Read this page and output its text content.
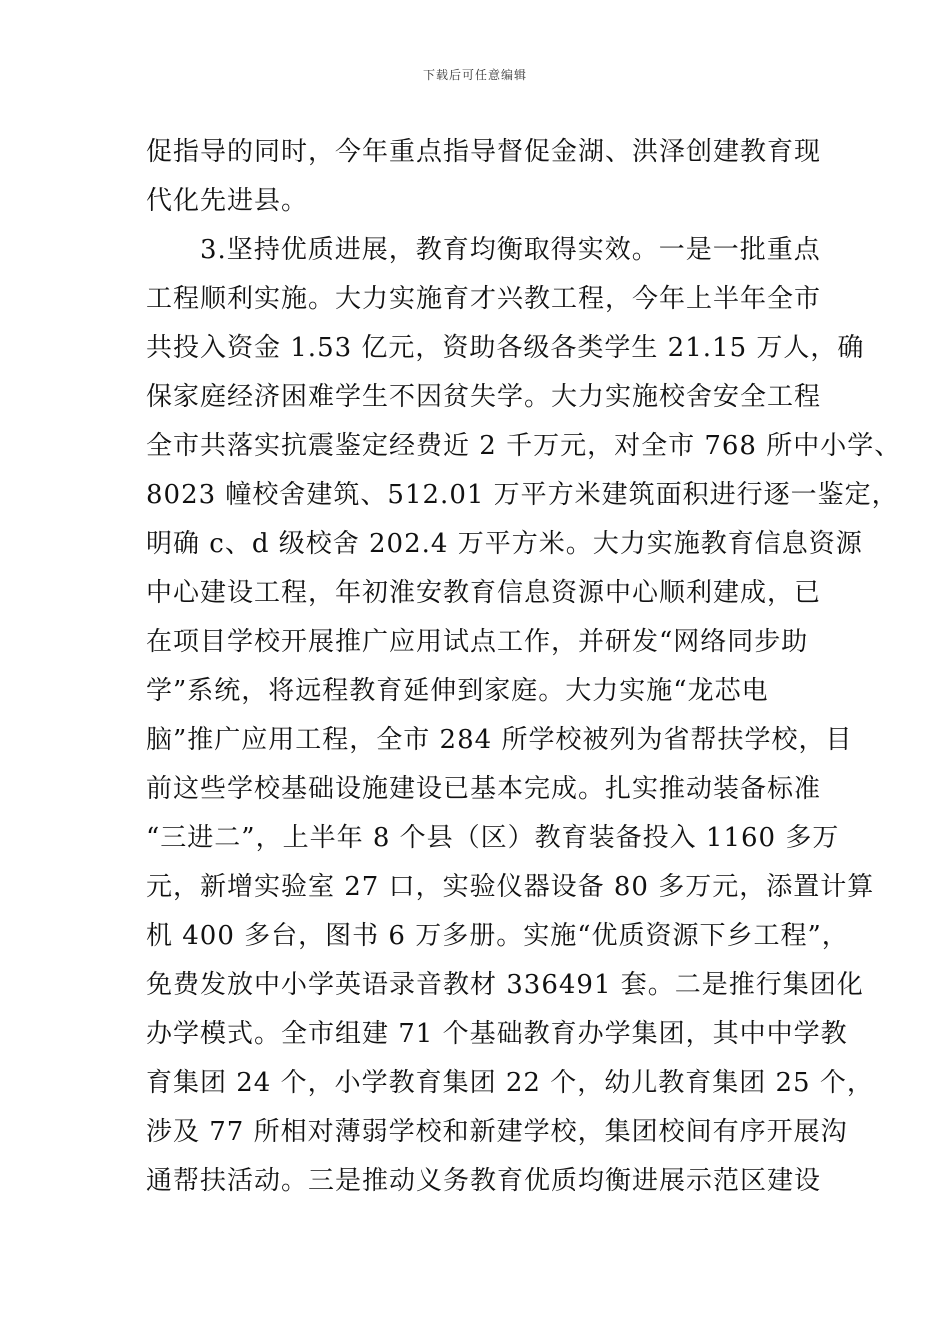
下载后可任意编辑
促指导的同时，今年重点指导督促金湖、洪泽创建教育现
代化先进县。
　　3.坚持优质进展，教育均衡取得实效。一是一批重点
工程顺利实施。大力实施育才兴教工程，今年上半年全市
共投入资金 1.53 亿元，资助各级各类学生 21.15 万人，确
保家庭经济困难学生不因贫失学。大力实施校舍安全工程
全市共落实抗震鉴定经费近 2 千万元，对全市 768 所中小学、
8023 幢校舍建筑、512.01 万平方米建筑面积进行逐一鉴定，
明确 c、d 级校舍 202.4 万平方米。大力实施教育信息资源
中心建设工程，年初淮安教育信息资源中心顺利建成，已
在项目学校开展推广应用试点工作，并研发“网络同步助
学”系统，将远程教育延伸到家庭。大力实施“龙芯电
脑”推广应用工程，全市 284 所学校被列为省帮扶学校，目
前这些学校基础设施建设已基本完成。扎实推动装备标准
“三进二”，上半年 8 个县（区）教育装备投入 1160 多万
元，新增实验室 27 口，实验仪器设备 80 多万元，添置计算
机 400 多台，图书 6 万多册。实施“优质资源下乡工程”，
免费发放中小学英语录音教材 336491 套。二是推行集团化
办学模式。全市组建 71 个基础教育办学集团，其中中学教
育集团 24 个，小学教育集团 22 个，幼儿教育集团 25 个，
涉及 77 所相对薄弱学校和新建学校，集团校间有序开展沟
通帮扶活动。三是推动义务教育优质均衡进展示范区建设
